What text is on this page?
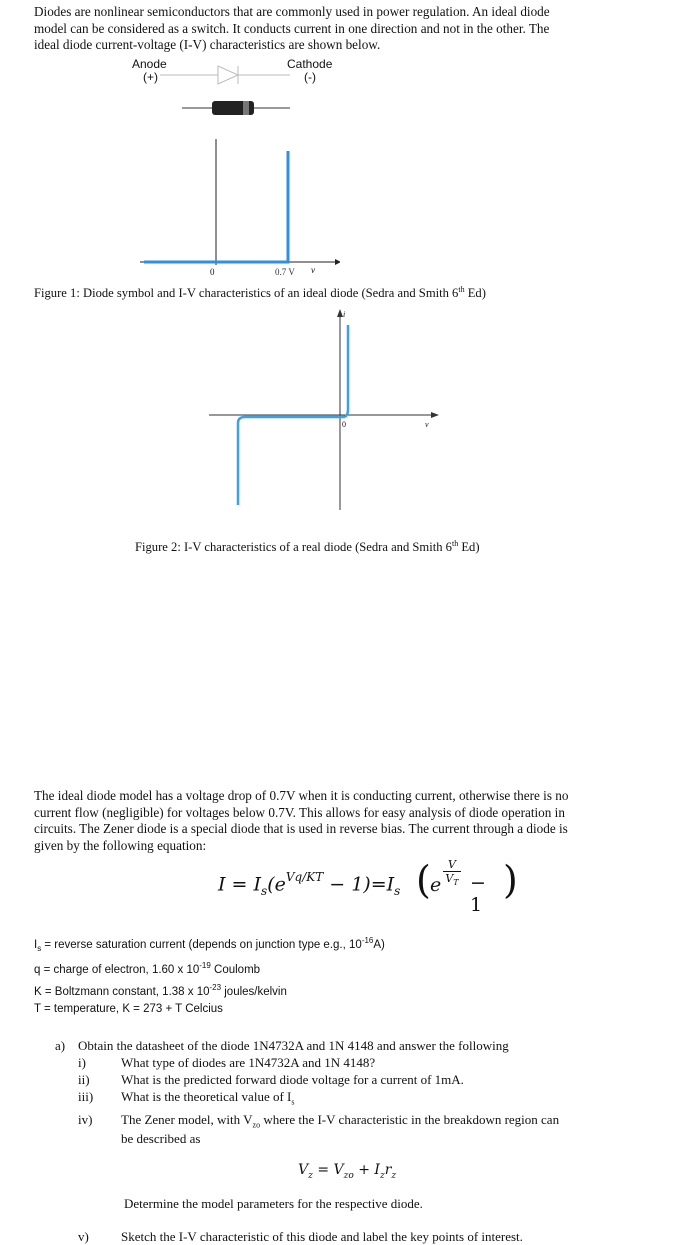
Diodes are nonlinear semiconductors that are commonly used in power regulation. An ideal diode
model can be considered as a switch. It conducts current in one direction and not in the other. The
ideal diode current-voltage (I-V) characteristics are shown below.
Anode
(+)
Cathode
(-)
0	0.7 V v
Figure 1: Diode symbol and I-V characteristics of an ideal diode (Sedra and Smith 6th Ed)
i
0	v
Figure 2: I-V characteristics of a real diode (Sedra and Smith 6th Ed)
The ideal diode model has a voltage drop of 0.7V when it is conducting current, otherwise there is no
current flow (negligible) for voltages below 0.7V. This allows for easy analysis of diode operation in
circuits. The Zener diode is a special diode that is used in reverse bias. The current through a diode is
given by the following equation:
$I = I_s(e^{Vq/KT} - 1)=I_s$ ( e
V
$V_T - 1$
)
$I_s$ = reverse saturation current (depends on junction type e.g., $10^{-16}A$)
q = charge of electron, 1.60 x $10^{-19}$ Coulomb
K = Boltzmann constant, 1.38 x $10^{-23}$ joules/kelvin
T = temperature, K = 273 + T Celcius
a) Obtain the datasheet of the diode 1N4732A and 1N 4148 and answer the following
i)	What type of diodes are 1N4732A and 1N 4148?
ii) What is the predicted forward diode voltage for a current of 1mA.
iii) What is the theoretical value of $I_s$
iv) The Zener model, with $V_{zo}$ where the I-V characteristic in the breakdown region can
be described as
$V_z = V_{zo} + I_zr_z$
Determine the model parameters for the respective diode.
v) Sketch the I-V characteristic of this diode and label the key points of interest.
